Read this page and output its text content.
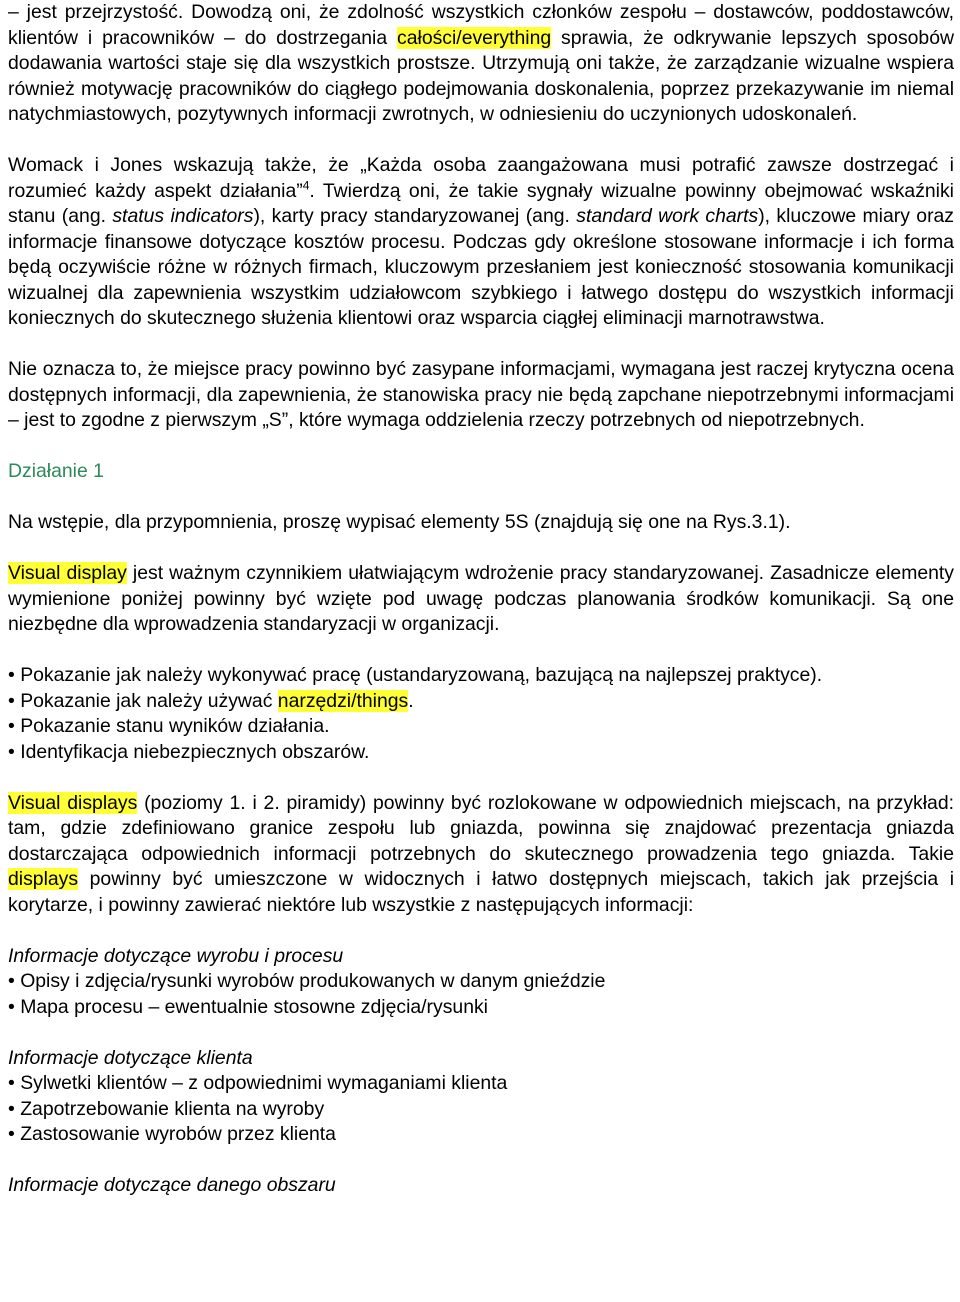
– jest przejrzystość. Dowodzą oni, że zdolność wszystkich członków zespołu – dostawców, poddostawców, klientów i pracowników – do dostrzegania całości/everything sprawia, że odkrywanie lepszych sposobów dodawania wartości staje się dla wszystkich prostsze. Utrzymują oni także, że zarządzanie wizualne wspiera również motywację pracowników do ciągłego podejmowania doskonalenia, poprzez przekazywanie im niemal natychmiastowych, pozytywnych informacji zwrotnych, w odniesieniu do uczynionych udoskonaleń.

Womack i Jones wskazują także, że „Każda osoba zaangażowana musi potrafić zawsze dostrzegać i rozumieć każdy aspekt działania”$^4$. Twierdzą oni, że takie sygnały wizualne powinny obejmować wskaźniki stanu (ang. status indicators), karty pracy standaryzowanej (ang. standard work charts), kluczowe miary oraz informacje finansowe dotyczące kosztów procesu. Podczas gdy określone stosowane informacje i ich forma będą oczywiście różne w różnych firmach, kluczowym przesłaniem jest konieczność stosowania komunikacji wizualnej dla zapewnienia wszystkim udziałowcom szybkiego i łatwego dostępu do wszystkich informacji koniecznych do skutecznego służenia klientowi oraz wsparcia ciągłej eliminacji marnotrawstwa.

Nie oznacza to, że miejsce pracy powinno być zasypane informacjami, wymagana jest raczej krytyczna ocena dostępnych informacji, dla zapewnienia, że stanowiska pracy nie będą zapchane niepotrzebnymi informacjami – jest to zgodne z pierwszym „S”, które wymaga oddzielenia rzeczy potrzebnych od niepotrzebnych.

Działanie 1

Na wstępie, dla przypomnienia, proszę wypisać elementy 5S (znajdują się one na Rys.3.1).

Visual display jest ważnym czynnikiem ułatwiającym wdrożenie pracy standaryzowanej. Zasadnicze elementy wymienione poniżej powinny być wzięte pod uwagę podczas planowania środków komunikacji. Są one niezbędne dla wprowadzenia standaryzacji w organizacji.

• Pokazanie jak należy wykonywać pracę (ustandaryzowaną, bazującą na najlepszej praktyce).

• Pokazanie jak należy używać narzędzi/things.

• Pokazanie stanu wyników działania.

• Identyfikacja niebezpiecznych obszarów.

Visual displays (poziomy 1. i 2. piramidy) powinny być rozlokowane w odpowiednich miejscach, na przykład: tam, gdzie zdefiniowano granice zespołu lub gniazda, powinna się znajdować prezentacja gniazda dostarczająca odpowiednich informacji potrzebnych do skutecznego prowadzenia tego gniazda. Takie displays powinny być umieszczone w widocznych i łatwo dostępnych miejscach, takich jak przejścia i korytarze, i powinny zawierać niektóre lub wszystkie z następujących informacji:

Informacje dotyczące wyrobu i procesu

• Opisy i zdjęcia/rysunki wyrobów produkowanych w danym gnieździe

• Mapa procesu – ewentualnie stosowne zdjęcia/rysunki

Informacje dotyczące klienta

• Sylwetki klientów – z odpowiednimi wymaganiami klienta

• Zapotrzebowanie klienta na wyroby

• Zastosowanie wyrobów przez klienta

Informacje dotyczące danego obszaru
